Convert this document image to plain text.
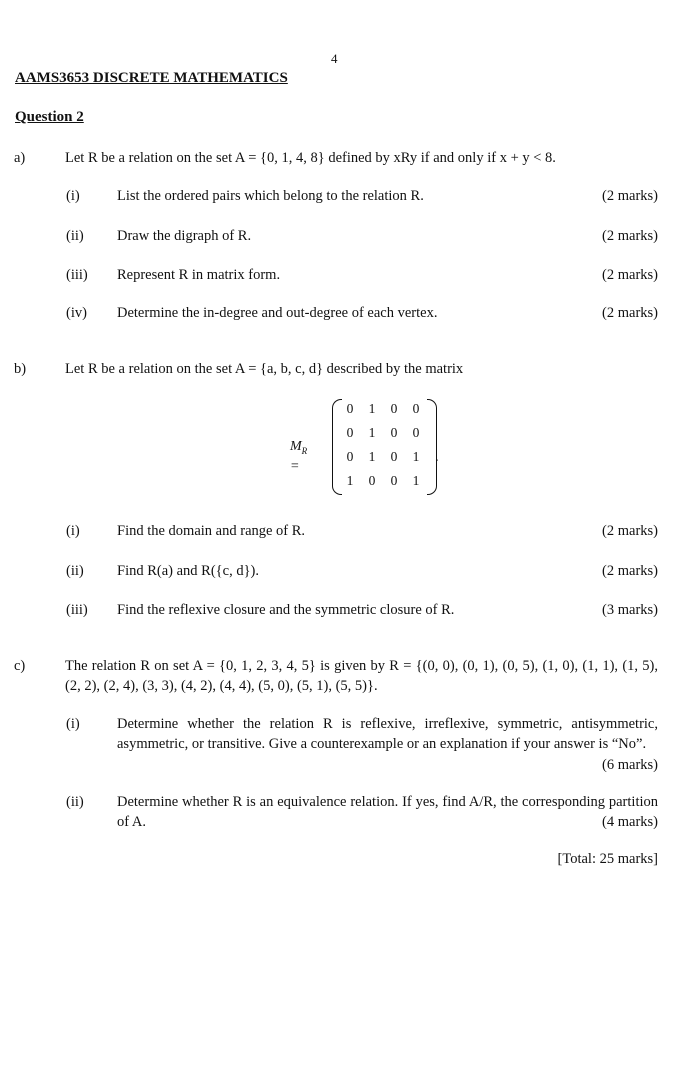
4
AAMS3653 DISCRETE MATHEMATICS
Question 2
a)	Let R be a relation on the set A = {0, 1, 4, 8} defined by xRy if and only if x + y < 8.
(i)	List the ordered pairs which belong to the relation R.	(2 marks)
(ii) Draw the digraph of R.	(2 marks)
(iii) Represent R in matrix form.	(2 marks)
(iv) Determine the in-degree and out-degree of each vertex.	(2 marks)
b)	Let R be a relation on the set A = {a, b, c, d} described by the matrix
$M_R$ =
0	1	0	0
0	1	0	0
0	1	0	1
1	0	0	1
.
(i)	Find the domain and range of R.	(2 marks)
(ii) Find R(a) and R({c, d}).	(2 marks)
(iii) Find the reflexive closure and the symmetric closure of R.	(3 marks)
c)	The relation R on set A = {0, 1, 2, 3, 4, 5} is given by R = {(0, 0), (0, 1), (0, 5), (1, 0), (1, 1), (1, 5), (2, 2), (2, 4), (3, 3), (4, 2), (4, 4), (5, 0), (5, 1), (5, 5)}.
(i)	Determine whether the relation R is reflexive, irreflexive, symmetric, antisymmetric, asymmetric, or transitive. Give a counterexample or an explanation if your answer is “No”.
(6 marks)
(ii) Determine whether R is an equivalence relation. If yes, find A/R, the corresponding partition of A.	(4 marks)
[Total: 25 marks]
